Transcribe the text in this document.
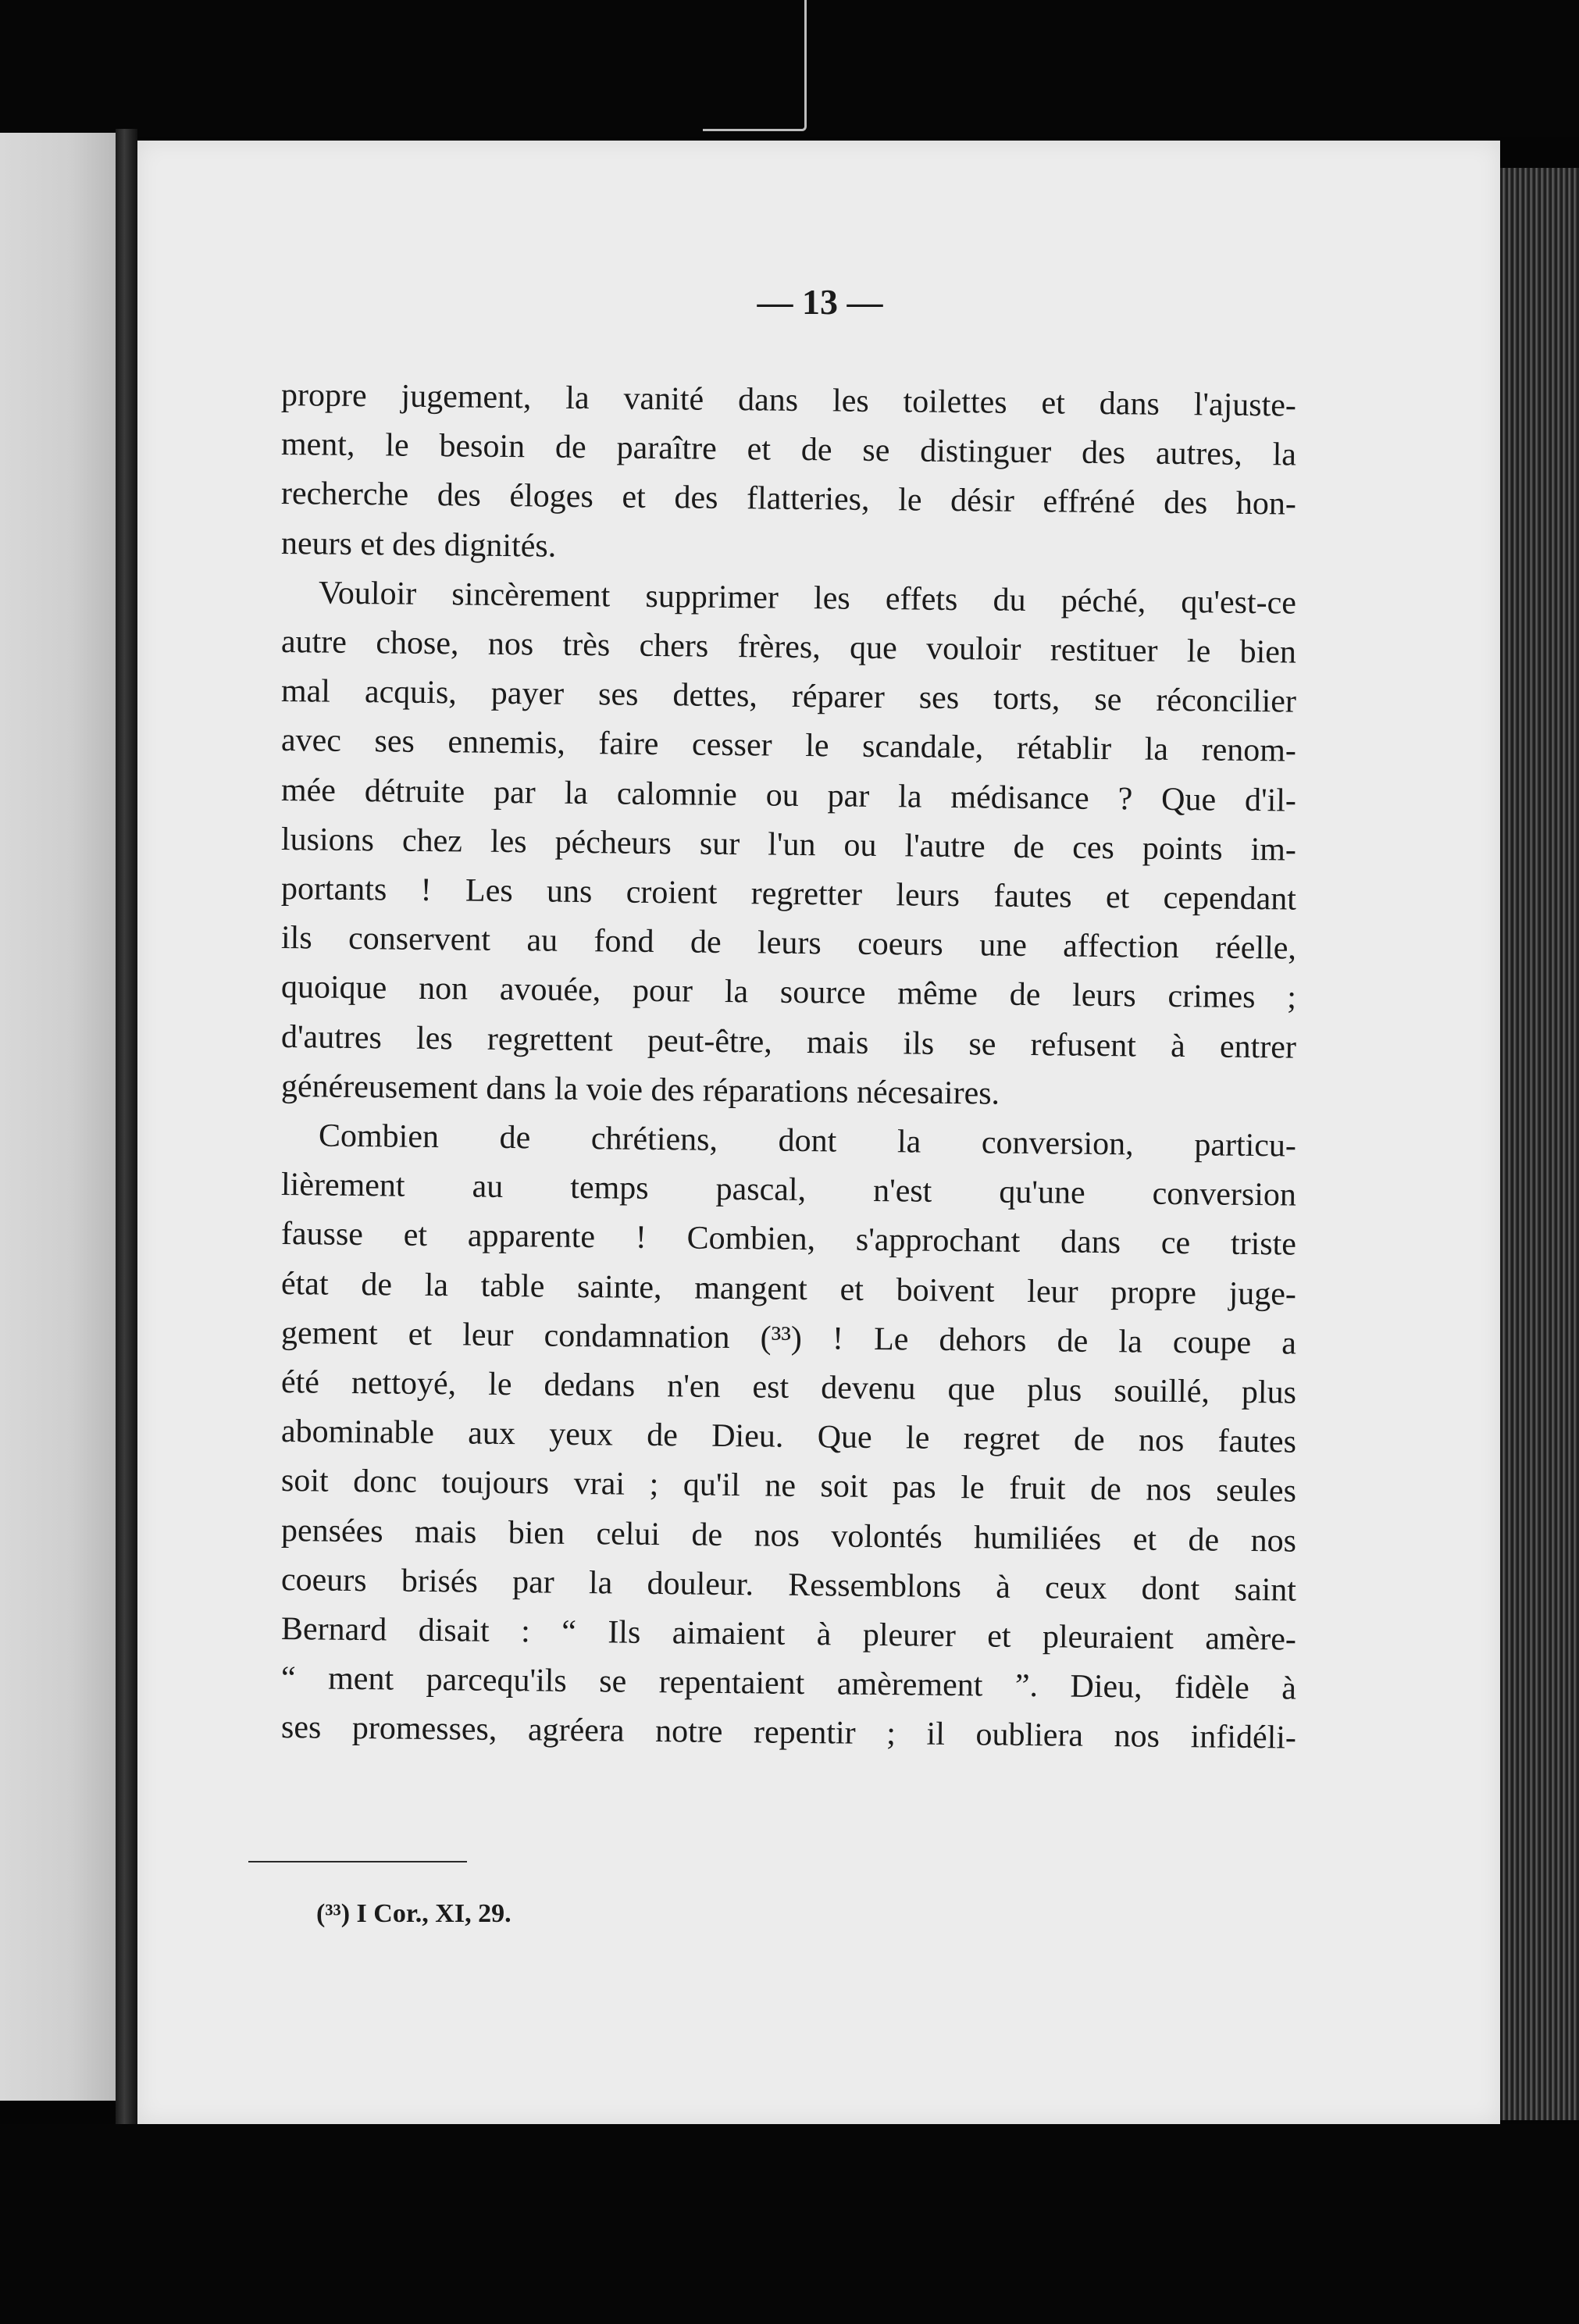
— 13 —
propre jugement, la vanité dans les toilettes et dans l'ajuste-
ment, le besoin de paraître et de se distinguer des autres, la
recherche des éloges et des flatteries, le désir effréné des hon-
neurs et des dignités.
Vouloir sincèrement supprimer les effets du péché, qu'est-ce
autre chose, nos très chers frères, que vouloir restituer le bien
mal acquis, payer ses dettes, réparer ses torts, se réconcilier
avec ses ennemis, faire cesser le scandale, rétablir la renom-
mée détruite par la calomnie ou par la médisance ? Que d'il-
lusions chez les pécheurs sur l'un ou l'autre de ces points im-
portants ! Les uns croient regretter leurs fautes et cependant
ils conservent au fond de leurs coeurs une affection réelle,
quoique non avouée, pour la source même de leurs crimes ;
d'autres les regrettent peut-être, mais ils se refusent à entrer
généreusement dans la voie des réparations nécesaires.
Combien de chrétiens, dont la conversion, particu-
lièrement au temps pascal, n'est qu'une conversion
fausse et apparente ! Combien, s'approchant dans ce triste
état de la table sainte, mangent et boivent leur propre juge-
gement et leur condamnation (³³) ! Le dehors de la coupe a
été nettoyé, le dedans n'en est devenu que plus souillé, plus
abominable aux yeux de Dieu. Que le regret de nos fautes
soit donc toujours vrai ; qu'il ne soit pas le fruit de nos seules
pensées mais bien celui de nos volontés humiliées et de nos
coeurs brisés par la douleur. Ressemblons à ceux dont saint
Bernard disait : “ Ils aimaient à pleurer et pleuraient amère-
“ ment parcequ'ils se repentaient amèrement ”. Dieu, fidèle à
ses promesses, agréera notre repentir ; il oubliera nos infidéli-
(³³) I Cor., XI, 29.
